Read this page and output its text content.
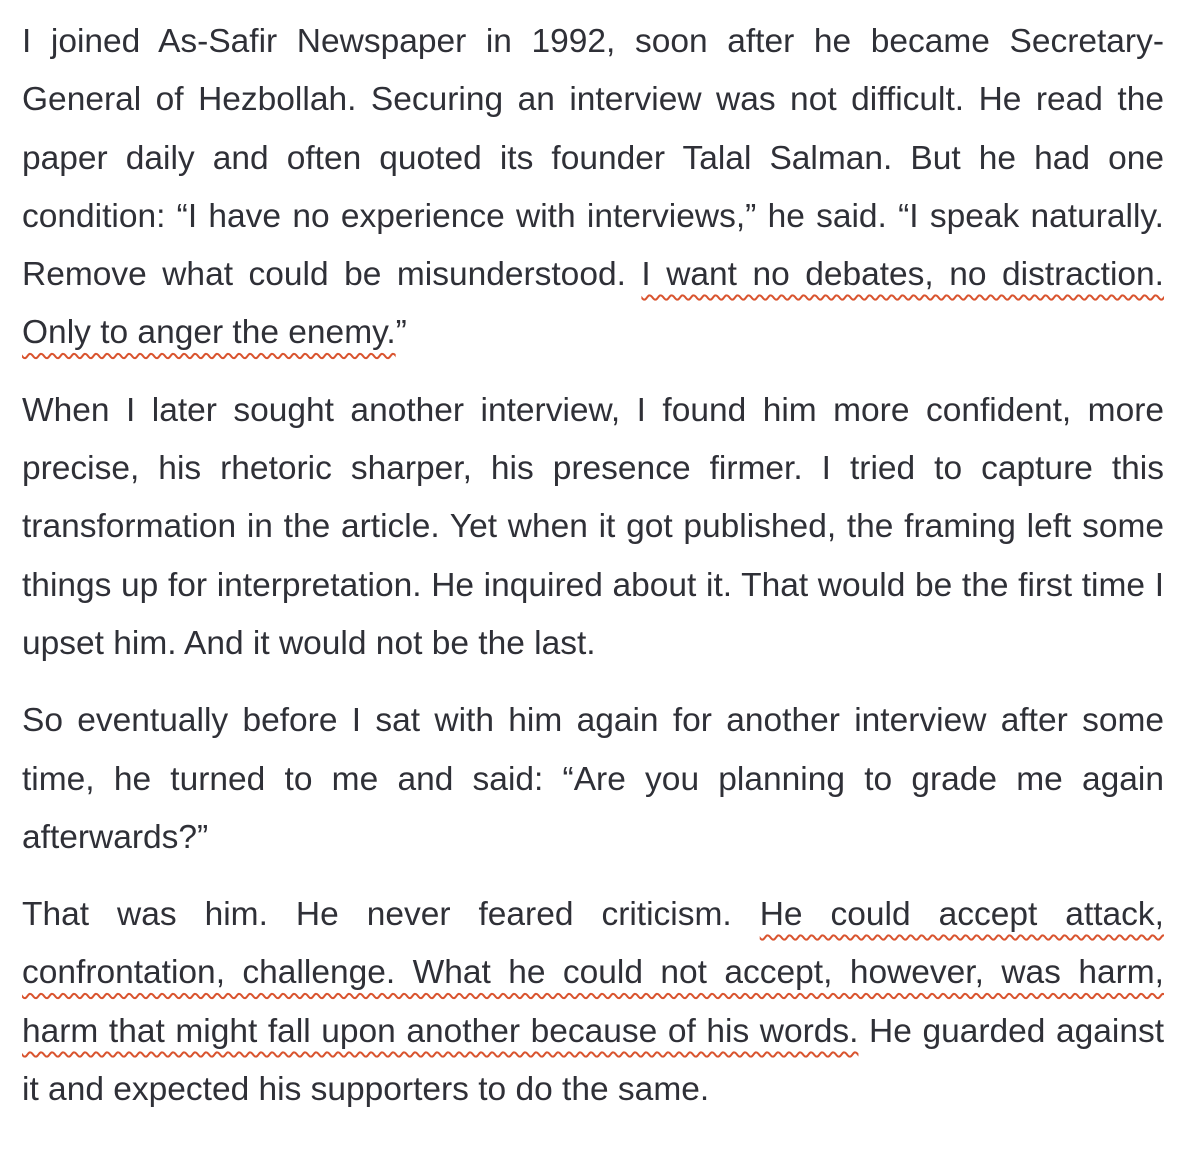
I joined As-Safir Newspaper in 1992, soon after he became Secretary-General of Hezbollah. Securing an interview was not difficult. He read the paper daily and often quoted its founder Talal Salman. But he had one condition: “I have no experience with interviews,” he said. “I speak naturally. Remove what could be misunderstood. I want no debates, no distraction. Only to anger the enemy.”

When I later sought another interview, I found him more confident, more precise, his rhetoric sharper, his presence firmer. I tried to capture this transformation in the article. Yet when it got published, the framing left some things up for interpretation. He inquired about it. That would be the first time I upset him. And it would not be the last.

So eventually before I sat with him again for another interview after some time, he turned to me and said: “Are you planning to grade me again afterwards?”

That was him. He never feared criticism. He could accept attack, confrontation, challenge. What he could not accept, however, was harm, harm that might fall upon another because of his words. He guarded against it and expected his supporters to do the same.
